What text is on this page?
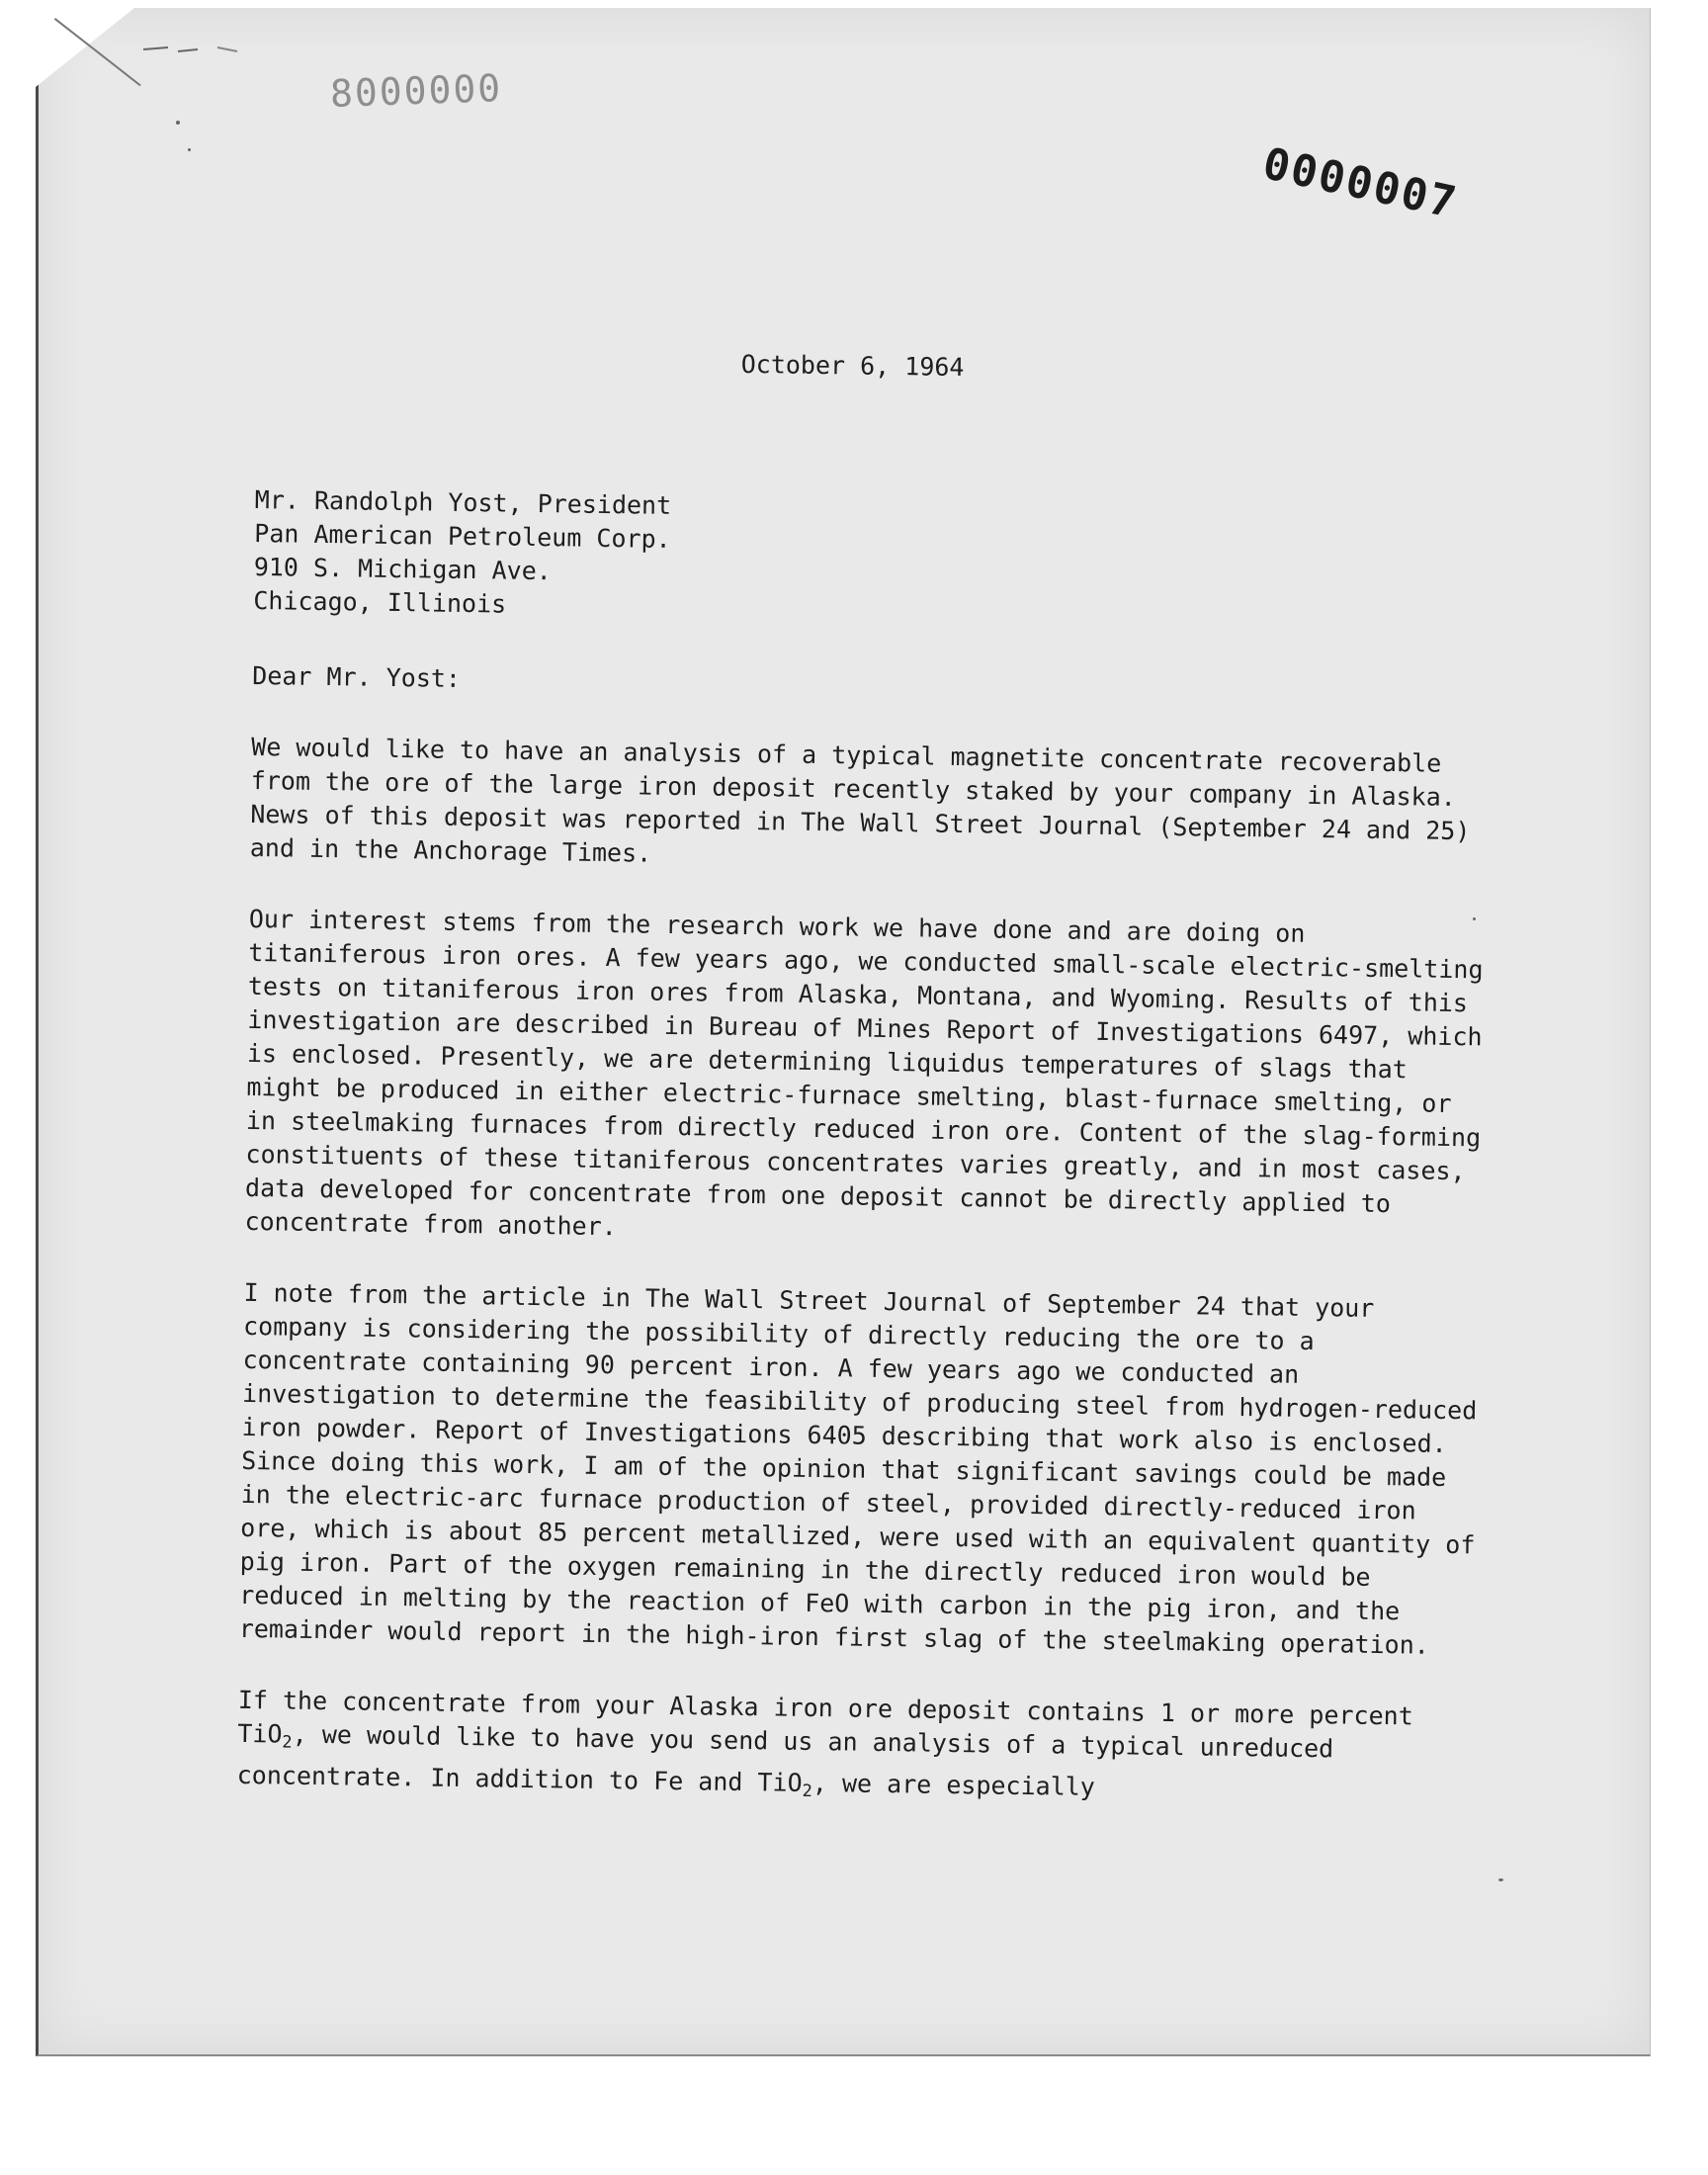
8000000
0000007
October 6, 1964
Mr. Randolph Yost, President
Pan American Petroleum Corp.
910 S. Michigan Ave.
Chicago, Illinois
Dear Mr. Yost:

We would like to have an analysis of a typical magnetite concentrate recoverable from the ore of the large iron deposit recently staked by your company in Alaska. News of this deposit was reported in The Wall Street Journal (September 24 and 25) and in the Anchorage Times.

Our interest stems from the research work we have done and are doing on titaniferous iron ores. A few years ago, we conducted small-scale electric-smelting tests on titaniferous iron ores from Alaska, Montana, and Wyoming. Results of this investigation are described in Bureau of Mines Report of Investigations 6497, which is enclosed. Presently, we are determining liquidus temperatures of slags that might be produced in either electric-furnace smelting, blast-furnace smelting, or in steelmaking furnaces from directly reduced iron ore. Content of the slag-forming constituents of these titaniferous concentrates varies greatly, and in most cases, data developed for concentrate from one deposit cannot be directly applied to concentrate from another.

I note from the article in The Wall Street Journal of September 24 that your company is considering the possibility of directly reducing the ore to a concentrate containing 90 percent iron. A few years ago we conducted an investigation to determine the feasibility of producing steel from hydrogen-reduced iron powder. Report of Investigations 6405 describing that work also is enclosed. Since doing this work, I am of the opinion that significant savings could be made in the electric-arc furnace production of steel, provided directly-reduced iron ore, which is about 85 percent metallized, were used with an equivalent quantity of pig iron. Part of the oxygen remaining in the directly reduced iron would be reduced in melting by the reaction of FeO with carbon in the pig iron, and the remainder would report in the high-iron first slag of the steelmaking operation.

If the concentrate from your Alaska iron ore deposit contains 1 or more percent TiO$_2$, we would like to have you send us an analysis of a typical unreduced concentrate. In addition to Fe and TiO$_2$, we are especially
